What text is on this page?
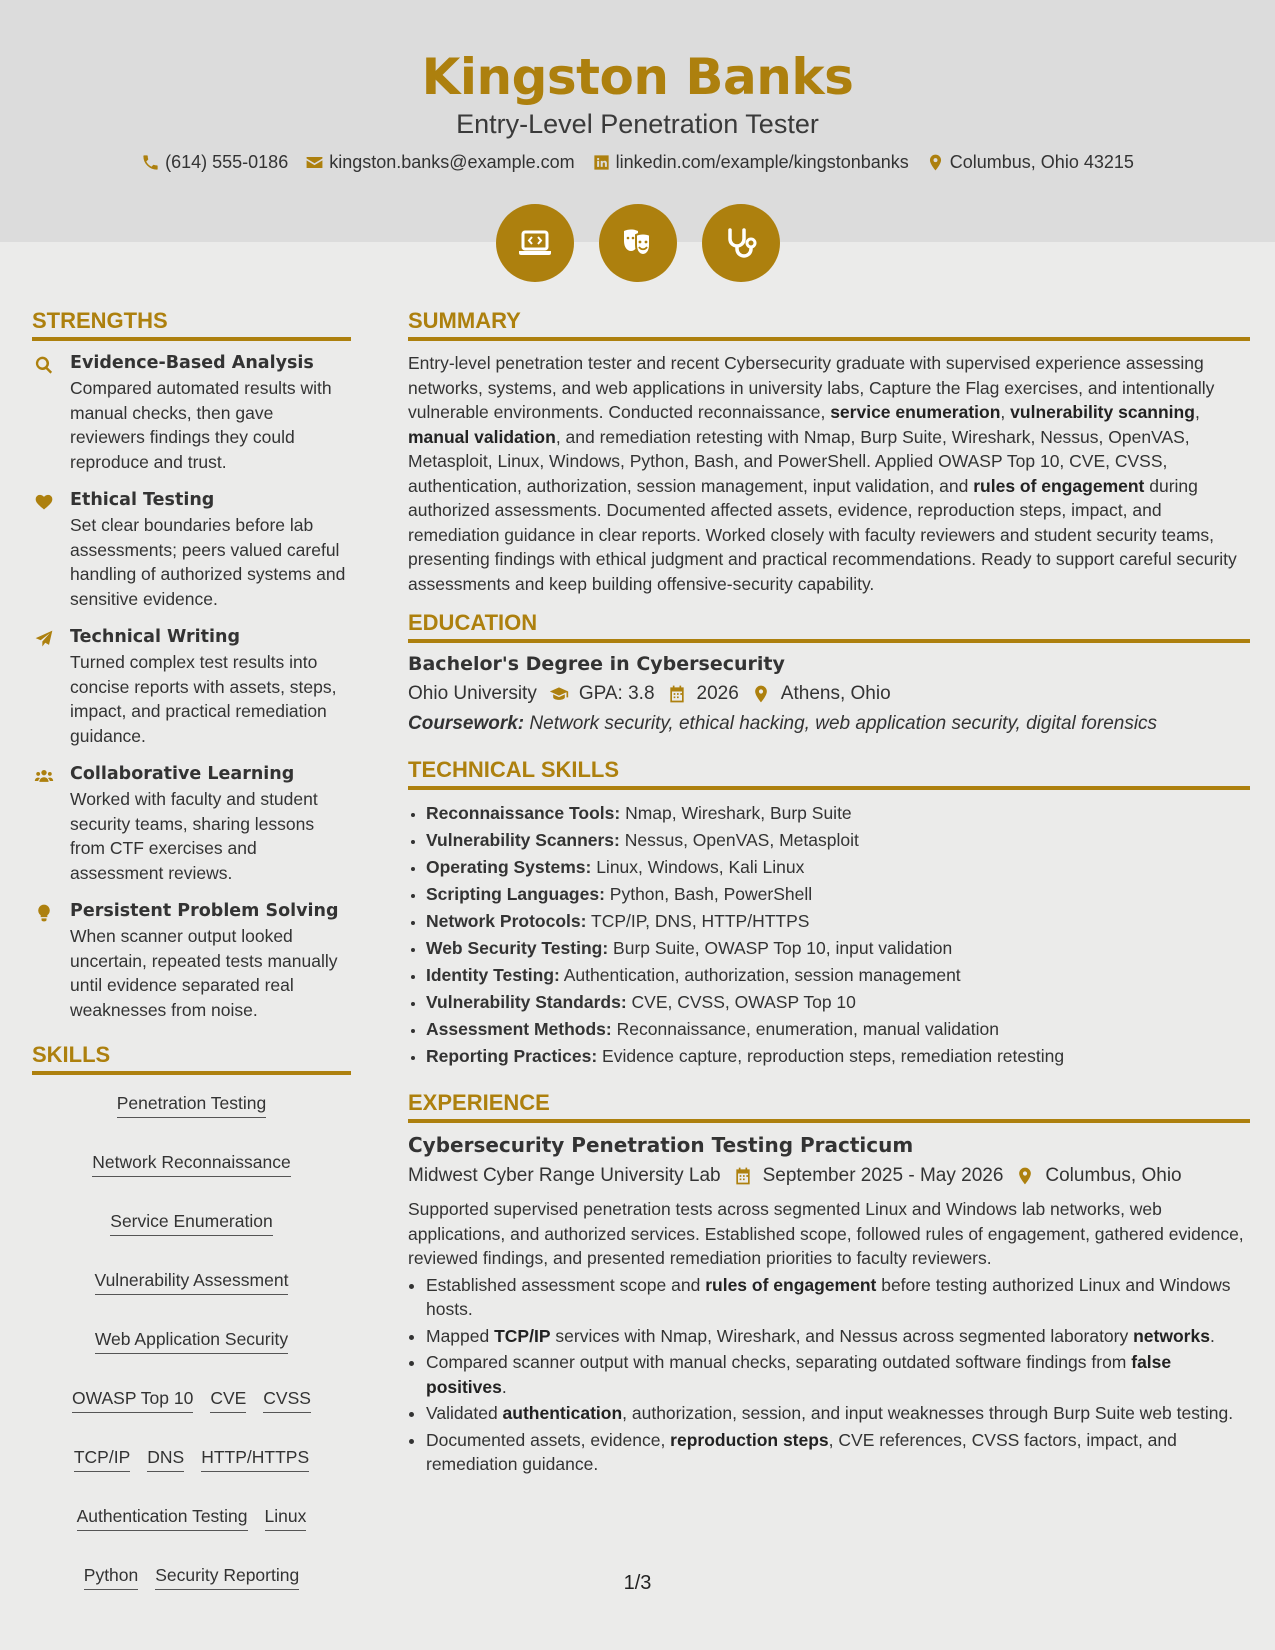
Kingston Banks
Entry-Level Penetration Tester
(614) 555-0186 kingston.banks@example.com linkedin.com/example/kingstonbanks Columbus, Ohio 43215
STRENGTHS
Evidence-Based Analysis

Compared automated results with manual checks, then gave reviewers findings they could reproduce and trust.

Ethical Testing

Set clear boundaries before lab assessments; peers valued careful handling of authorized systems and sensitive evidence.

Technical Writing

Turned complex test results into concise reports with assets, steps, impact, and practical remediation guidance.

Collaborative Learning

Worked with faculty and student security teams, sharing lessons from CTF exercises and assessment reviews.

Persistent Problem Solving

When scanner output looked uncertain, repeated tests manually until evidence separated real weaknesses from noise.

SKILLS
Penetration Testing
Network Reconnaissance
Service Enumeration
Vulnerability Assessment
Web Application Security
OWASP Top 10 CVE CVSS
TCP/IP DNS HTTP/HTTPS
Authentication Testing Linux
Python Security Reporting
SUMMARY

Entry-level penetration tester and recent Cybersecurity graduate with supervised experience assessing networks, systems, and web applications in university labs, Capture the Flag exercises, and intentionally vulnerable environments. Conducted reconnaissance, service enumeration, vulnerability scanning, manual validation, and remediation retesting with Nmap, Burp Suite, Wireshark, Nessus, OpenVAS, Metasploit, Linux, Windows, Python, Bash, and PowerShell. Applied OWASP Top 10, CVE, CVSS, authentication, authorization, session management, input validation, and rules of engagement during authorized assessments. Documented affected assets, evidence, reproduction steps, impact, and remediation guidance in clear reports. Worked closely with faculty reviewers and student security teams, presenting findings with ethical judgment and practical recommendations. Ready to support careful security assessments and keep building offensive-security capability.

EDUCATION
Bachelor's Degree in Cybersecurity
Ohio University GPA: 3.8 2026 Athens, Ohio
Coursework: Network security, ethical hacking, web application security, digital forensics
TECHNICAL SKILLS
• Reconnaissance Tools: Nmap, Wireshark, Burp Suite
• Vulnerability Scanners: Nessus, OpenVAS, Metasploit
• Operating Systems: Linux, Windows, Kali Linux
• Scripting Languages: Python, Bash, PowerShell
• Network Protocols: TCP/IP, DNS, HTTP/HTTPS
• Web Security Testing: Burp Suite, OWASP Top 10, input validation
• Identity Testing: Authentication, authorization, session management
• Vulnerability Standards: CVE, CVSS, OWASP Top 10
• Assessment Methods: Reconnaissance, enumeration, manual validation
• Reporting Practices: Evidence capture, reproduction steps, remediation retesting
EXPERIENCE
Cybersecurity Penetration Testing Practicum
Midwest Cyber Range University Lab September 2025 - May 2026 Columbus, Ohio

Supported supervised penetration tests across segmented Linux and Windows lab networks, web applications, and authorized services. Established scope, followed rules of engagement, gathered evidence, reviewed findings, and presented remediation priorities to faculty reviewers.

• Established assessment scope and rules of engagement before testing authorized Linux and Windows hosts.
• Mapped TCP/IP services with Nmap, Wireshark, and Nessus across segmented laboratory networks.
• Compared scanner output with manual checks, separating outdated software findings from false positives.
• Validated authentication, authorization, session, and input weaknesses through Burp Suite web testing.
• Documented assets, evidence, reproduction steps, CVE references, CVSS factors, impact, and remediation guidance.
1/3
